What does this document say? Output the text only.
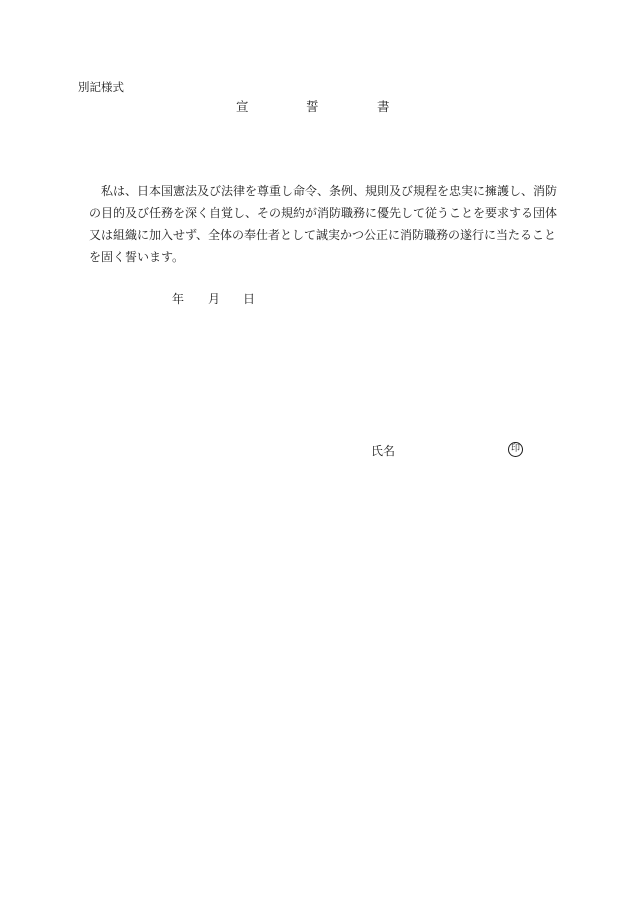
別記様式
宣	誓	書
私は、日本国憲法及び法律を尊重し命令、条例、規則及び規程を忠実に擁護し、消防
の目的及び任務を深く自覚し、その規約が消防職務に優先して従うことを要求する団体
又は組織に加入せず、全体の奉仕者として誠実かつ公正に消防職務の遂行に当たること
を固く誓います。
年 月 日
氏名	印
